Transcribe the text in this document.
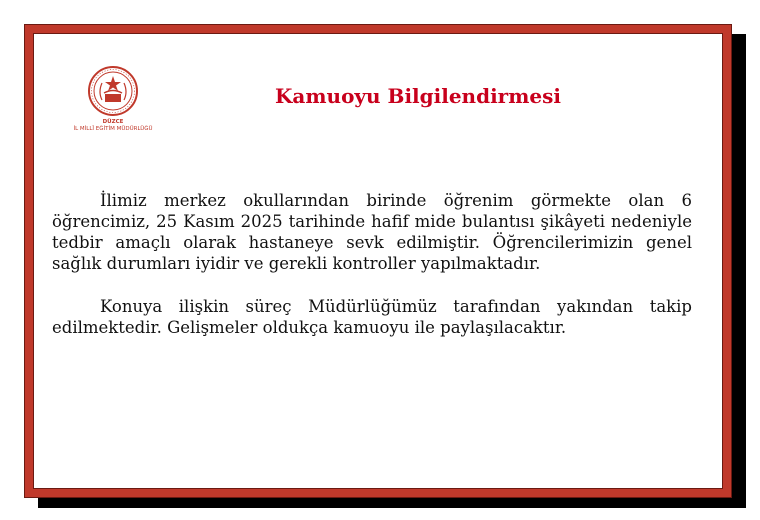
DÜZCE
İL MİLLÎ EĞİTİM MÜDÜRLÜĞÜ
Kamuoyu Bilgilendirmesi

İlimiz merkez okullarından birinde öğrenim görmekte olan 6 öğrencimiz, 25 Kasım 2025 tarihinde hafif mide bulantısı şikâyeti nedeniyle tedbir amaçlı olarak hastaneye sevk edilmiştir. Öğrencilerimizin genel sağlık durumları iyidir ve gerekli kontroller yapılmaktadır.

Konuya ilişkin süreç Müdürlüğümüz tarafından yakından takip edilmektedir. Gelişmeler oldukça kamuoyu ile paylaşılacaktır.
